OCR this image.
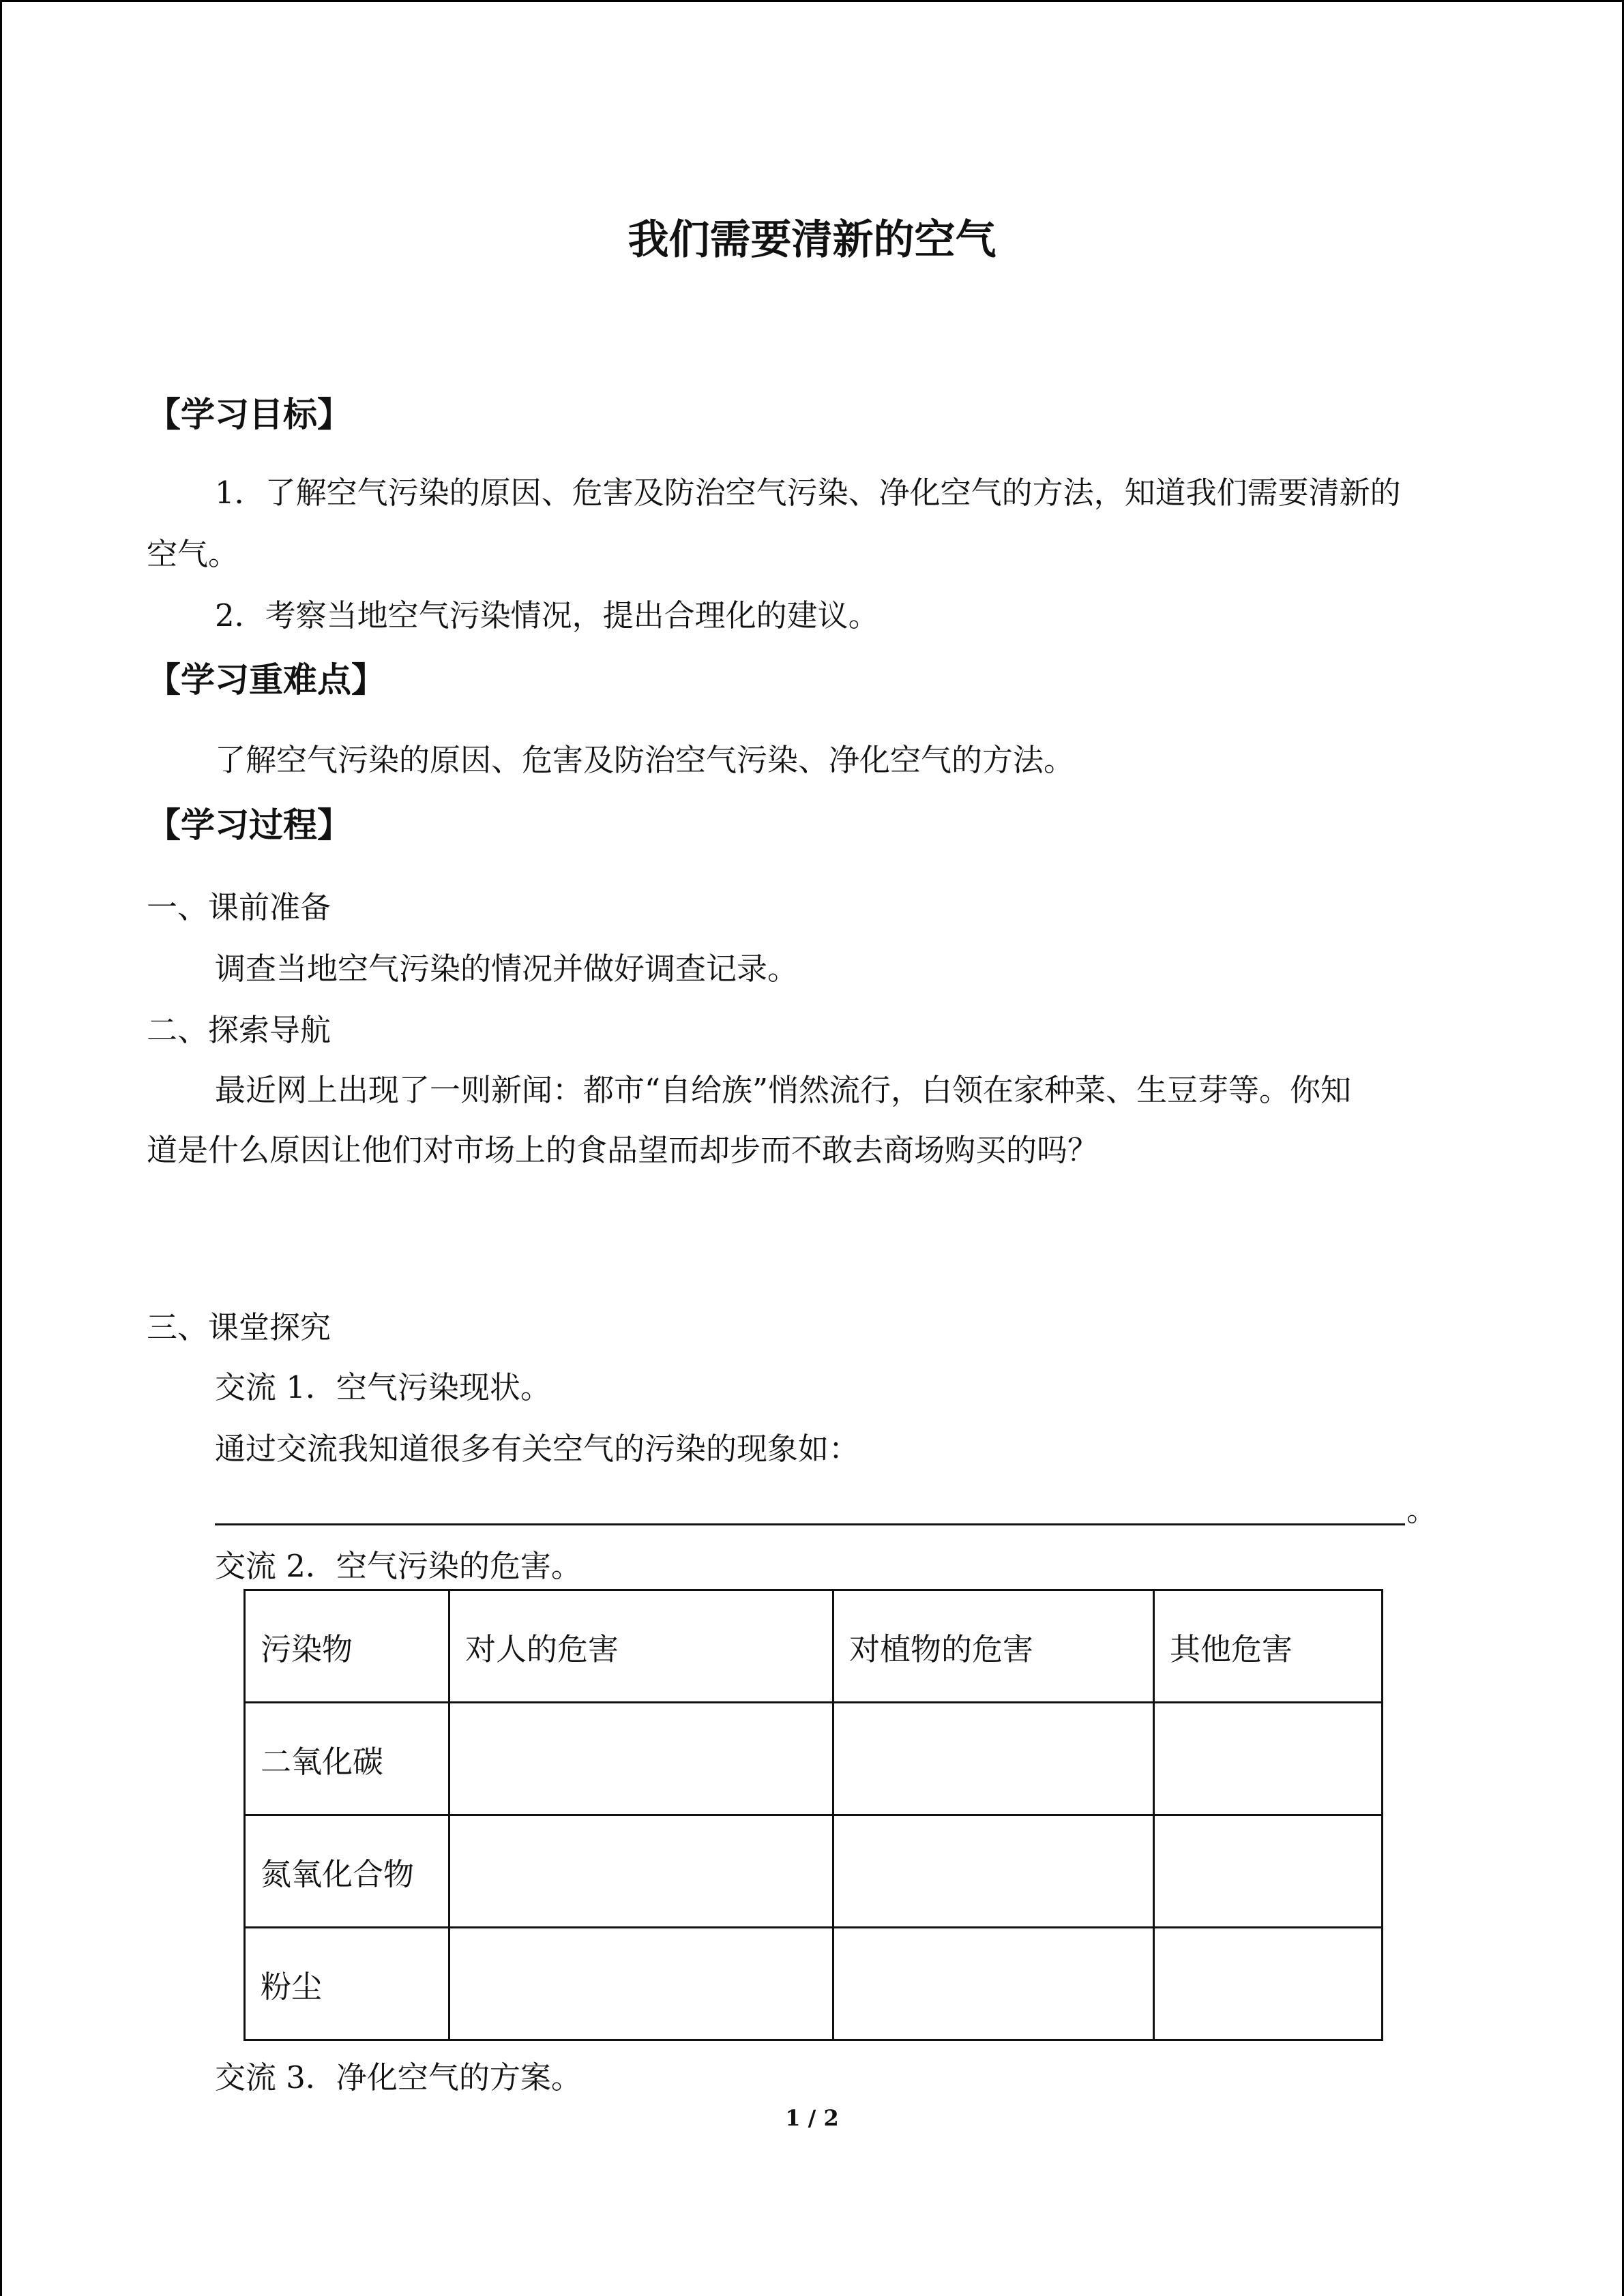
我们需要清新的空气
【学习目标】
1．了解空气污染的原因、危害及防治空气污染、净化空气的方法，知道我们需要清新的
空气。
2．考察当地空气污染情况，提出合理化的建议。
【学习重难点】
了解空气污染的原因、危害及防治空气污染、净化空气的方法。
【学习过程】
一、课前准备
调查当地空气污染的情况并做好调查记录。
二、探索导航
最近网上出现了一则新闻：都市“自给族”悄然流行，白领在家种菜、生豆芽等。你知
道是什么原因让他们对市场上的食品望而却步而不敢去商场购买的吗？
三、课堂探究
交流 1．空气污染现状。
通过交流我知道很多有关空气的污染的现象如：
。
交流 2．空气污染的危害。
污染物	对人的危害	对植物的危害	其他危害
二氧化碳			
氮氧化合物			
粉尘			
交流 3．净化空气的方案。
1 / 2
